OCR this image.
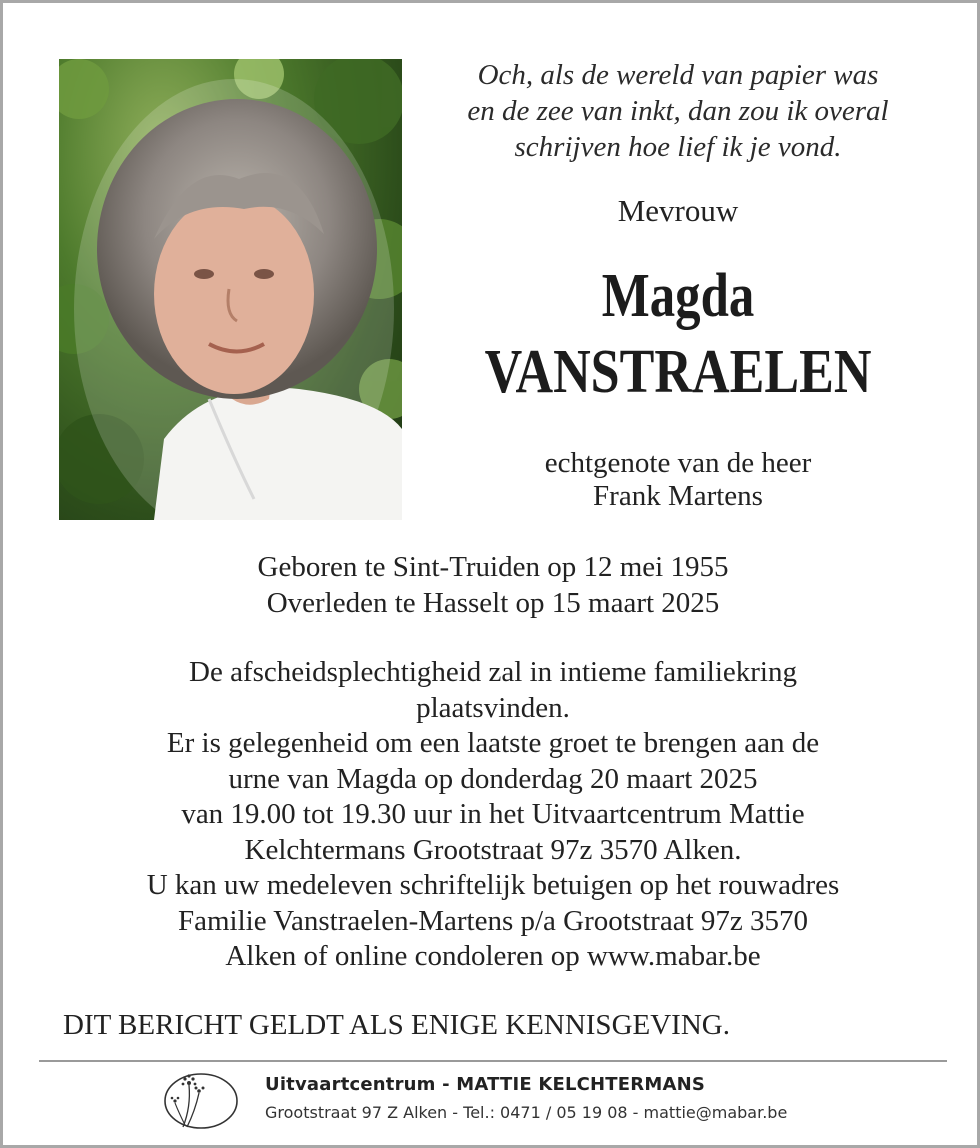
Och, als de wereld van papier was
en de zee van inkt, dan zou ik overal
schrijven hoe lief ik je vond.
Mevrouw
Magda
VANSTRAELEN
echtgenote van de heer
Frank Martens
Geboren te Sint-Truiden op 12 mei 1955
Overleden te Hasselt op 15 maart 2025
De afscheidsplechtigheid zal in intieme familiekring
plaatsvinden.
Er is gelegenheid om een laatste groet te brengen aan de
urne van Magda op donderdag 20 maart 2025
van 19.00 tot 19.30 uur in het Uitvaartcentrum Mattie
Kelchtermans Grootstraat 97z 3570 Alken.
U kan uw medeleven schriftelijk betuigen op het rouwadres
Familie Vanstraelen-Martens p/a Grootstraat 97z 3570
Alken of online condoleren op www.mabar.be
DIT BERICHT GELDT ALS ENIGE KENNISGEVING.
Uitvaartcentrum - MATTIE KELCHTERMANS
Grootstraat 97 Z Alken - Tel.: 0471 / 05 19 08 - mattie@mabar.be
